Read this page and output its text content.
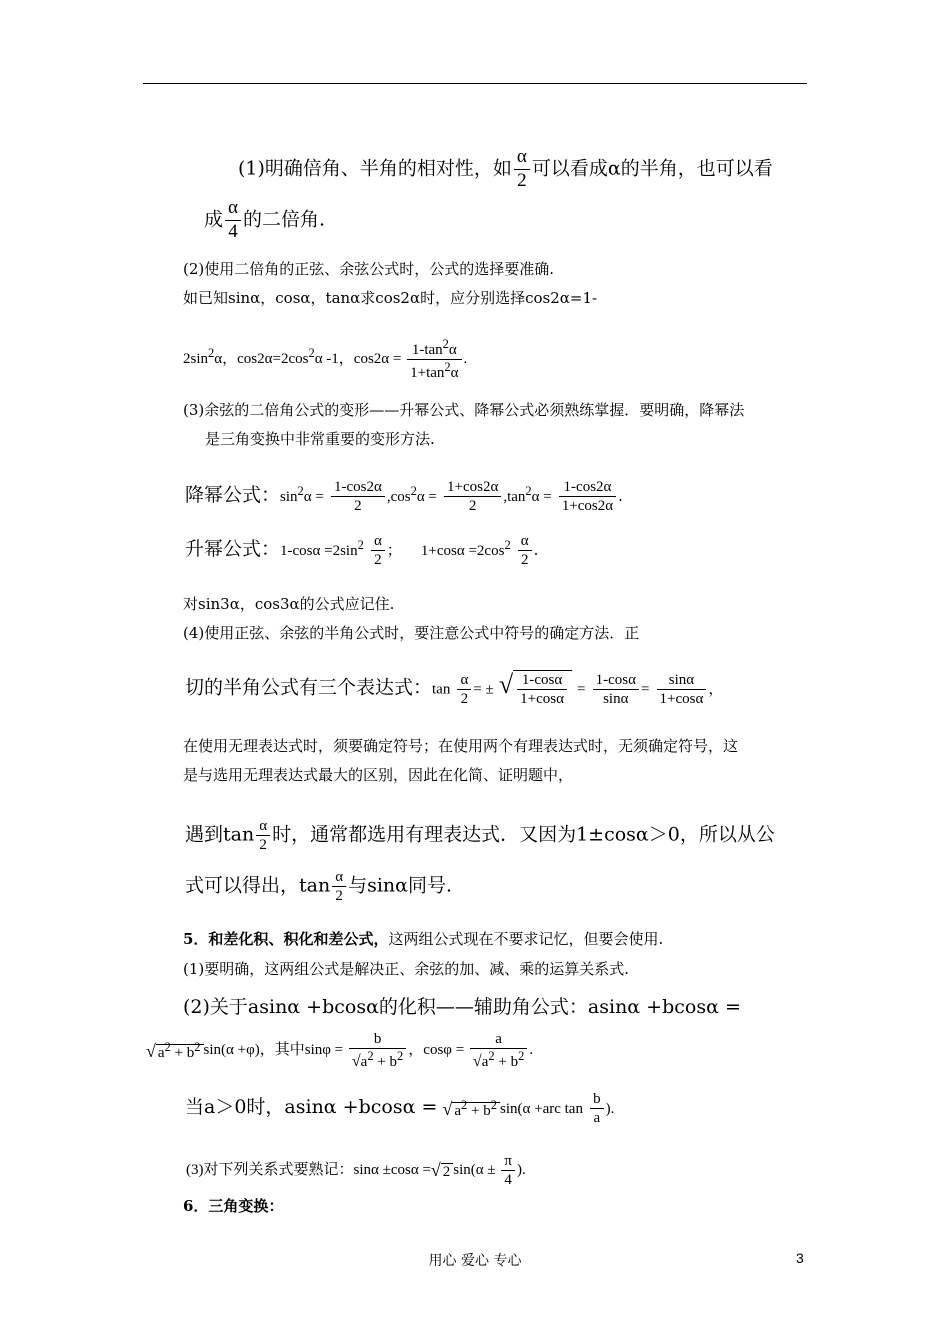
(1)明确倍角、半角的相对性，如 $\frac{\alpha}{2}$ 可以看成α的半角，也可以看
成 $\frac{\alpha}{4}$ 的二倍角.
(2)使用二倍角的正弦、余弦公式时，公式的选择要准确.
如已知sinα，cosα，tanα求cos2α时，应分别选择cos2α=1-
$2\sin^2\alpha$，$\cos 2\alpha=2\cos^2\alpha$ -1，$\cos 2\alpha = \frac{1-\tan^2\alpha}{1+\tan^2\alpha}$ .
(3)余弦的二倍角公式的变形——升幂公式、降幂公式必须熟练掌握．要明确，降幂法
是三角变换中非常重要的变形方法.
降幂公式：$\sin^2\alpha = \frac{1-\cos 2\alpha}{2} ,\cos^2\alpha = \frac{1+\cos 2\alpha}{2} ,\tan^2\alpha = \frac{1-\cos 2\alpha}{1+\cos 2\alpha}$ .
升幂公式：$1-\cos\alpha =2\sin^2 \frac{\alpha}{2}$ ； $1+\cos\alpha =2\cos^2 \frac{\alpha}{2}$ .
对sin3α，cos3α的公式应记住.
(4)使用正弦、余弦的半角公式时，要注意公式中符号的确定方法．正
切的半角公式有三个表达式：$\tan \frac{\alpha}{2}$ = ± √ $\frac{1-\cos\alpha}{1+\cos\alpha} = \frac{1-\cos\alpha}{\sin\alpha} = \frac{\sin\alpha}{1+\cos\alpha}$ ，
在使用无理表达式时，须要确定符号；在使用两个有理表达式时，无须确定符号，这
是与选用无理表达式最大的区别，因此在化简、证明题中，
遇到$\tan \frac{\alpha}{2}$ 时，通常都选用有理表达式．又因为1±cosα＞0，所以从公
式可以得出，$\tan \frac{\alpha}{2}$ 与sinα同号.
5．和差化积、积化和差公式，这两组公式现在不要求记忆，但要会使用.
(1)要明确，这两组公式是解决正、余弦的加、减、乘的运算关系式.
(2)关于asinα +bcosα的化积——辅助角公式：asinα +bcosα =
√ $a^2 + b^2$ sin(α +φ)，其中$\sin\varphi = \frac{b}{√a^2 + b^2}$ ，$\cos\varphi = \frac{a}{√a^2 + b^2}$ .
当a＞0时，asinα +bcosα = √ $a^2 + b^2$ sin(α +arc $\tan \frac{b}{a}$ ).
(3)对下列关系式要熟记：sinα ±cosα =√ 2 $\sin(\alpha \pm \frac{\pi}{4}$ ).
6．三角变换：
用心 爱心 专心	3
